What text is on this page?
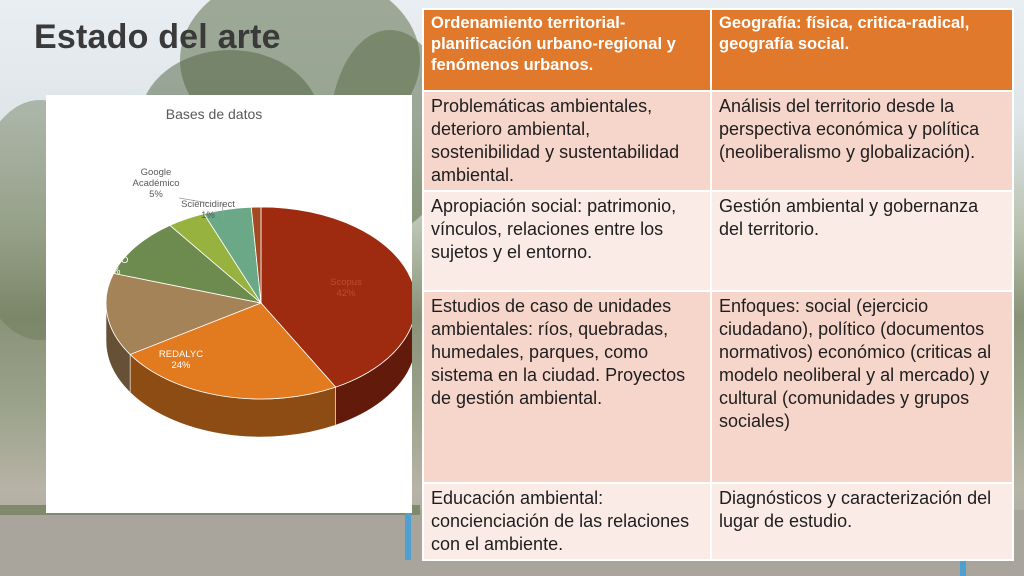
Estado del arte
Bases de datos
Scopus
42%
REDALYC
24%
Pedib
14%
SCIELO
10%
CLACSO
4%
Google
Académico
5%
Sciencidirect
1%
Ordenamiento territorial-planificación urbano-regional y fenómenos urbanos.	Geografía: física, critica-radical, geografía social.
Problemáticas ambientales, deterioro ambiental, sostenibilidad y sustentabilidad ambiental.	Análisis del territorio desde la perspectiva económica y política (neoliberalismo y globalización).
Apropiación social: patrimonio, vínculos, relaciones entre los sujetos y el entorno.	Gestión ambiental y gobernanza del territorio.
Estudios de caso de unidades ambientales: ríos, quebradas, humedales, parques, como sistema en la ciudad. Proyectos de gestión ambiental.	Enfoques: social (ejercicio ciudadano), político (documentos normativos) económico (criticas al modelo neoliberal y al mercado) y cultural (comunidades y grupos sociales)
Educación ambiental: concienciación de las relaciones con el ambiente.	Diagnósticos y caracterización del lugar de estudio.
